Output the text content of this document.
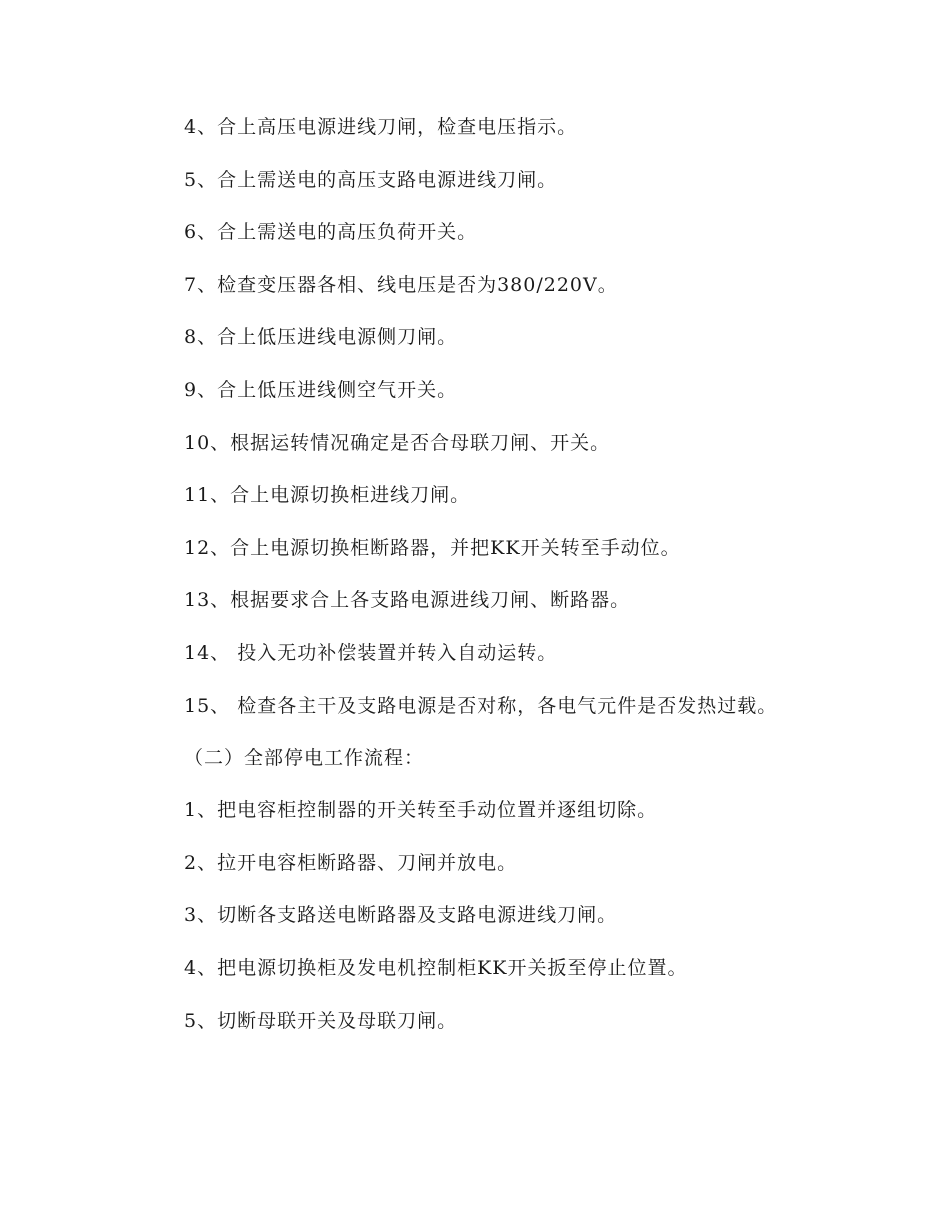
4、合上高压电源进线刀闸，检查电压指示。

5、合上需送电的高压支路电源进线刀闸。

6、合上需送电的高压负荷开关。

7、检查变压器各相、线电压是否为380/220V。

8、合上低压进线电源侧刀闸。

9、合上低压进线侧空气开关。

10、根据运转情况确定是否合母联刀闸、开关。

11、合上电源切换柜进线刀闸。

12、合上电源切换柜断路器，并把KK开关转至手动位。

13、根据要求合上各支路电源进线刀闸、断路器。

14、 投入无功补偿装置并转入自动运转。

15、 检查各主干及支路电源是否对称，各电气元件是否发热过载。

（二）全部停电工作流程：

1、把电容柜控制器的开关转至手动位置并逐组切除。

2、拉开电容柜断路器、刀闸并放电。

3、切断各支路送电断路器及支路电源进线刀闸。

4、把电源切换柜及发电机控制柜KK开关扳至停止位置。

5、切断母联开关及母联刀闸。
